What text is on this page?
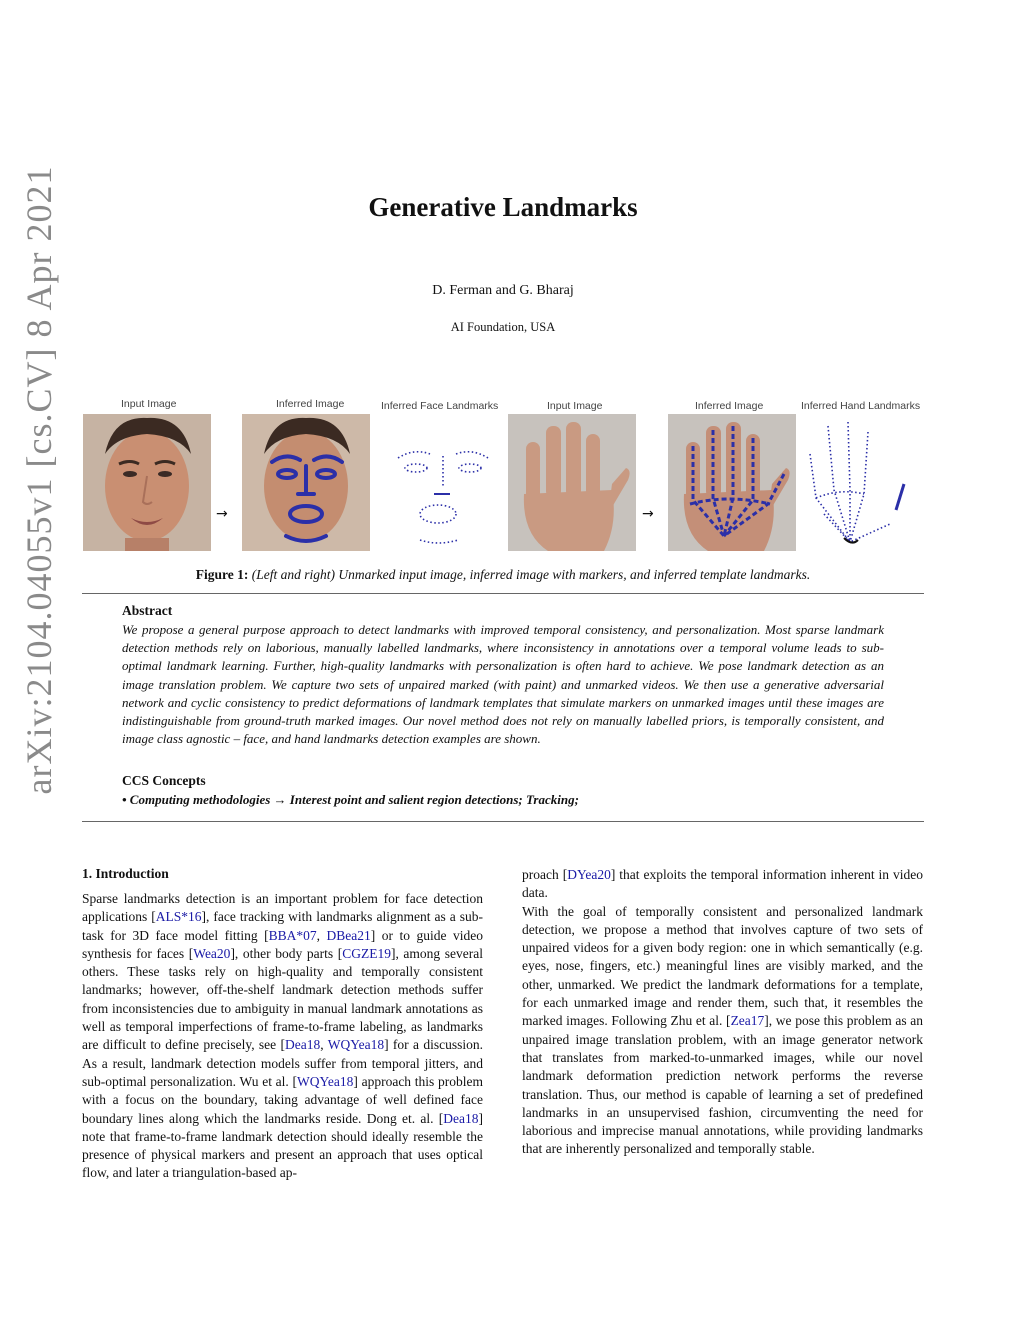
arXiv:2104.04055v1 [cs.CV] 8 Apr 2021	Generative Landmarks
D. Ferman and G. Bharaj
AI Foundation, USA
Input Image	Inferred Image	Inferred Face Landmarks	Input Image	Inferred Image	Inferred Hand Landmarks
→	→
Figure 1: (Left and right) Unmarked input image, inferred image with markers, and inferred template landmarks.
Abstract
We propose a general purpose approach to detect landmarks with improved temporal consistency, and personalization. Most sparse landmark detection methods rely on laborious, manually labelled landmarks, where inconsistency in annotations over a temporal volume leads to sub-optimal landmark learning. Further, high-quality landmarks with personalization is often hard to achieve. We pose landmark detection as an image translation problem. We capture two sets of unpaired marked (with paint) and unmarked videos. We then use a generative adversarial network and cyclic consistency to predict deformations of landmark templates that simulate markers on unmarked images until these images are indistinguishable from ground-truth marked images. Our novel method does not rely on manually labelled priors, is temporally consistent, and image class agnostic – face, and hand landmarks detection examples are shown.
CCS Concepts
• Computing methodologies → Interest point and salient region detections; Tracking;
1. Introduction

Sparse landmarks detection is an important problem for face detection applications [ALS*16], face tracking with landmarks alignment as a sub-task for 3D face model fitting [BBA*07, DBea21] or to guide video synthesis for faces [Wea20], other body parts [CGZE19], among several others. These tasks rely on high-quality and temporally consistent landmarks; however, off-the-shelf landmark detection methods suffer from inconsistencies due to ambiguity in manual landmark annotations as well as temporal imperfections of frame-to-frame labeling, as landmarks are difficult to define precisely, see [Dea18, WQYea18] for a discussion. As a result, landmark detection models suffer from temporal jitters, and sub-optimal personalization. Wu et al. [WQYea18] approach this problem with a focus on the boundary, taking advantage of well defined face boundary lines along which the landmarks reside. Dong et. al. [Dea18] note that frame-to-frame landmark detection should ideally resemble the presence of physical markers and present an approach that uses optical flow, and later a triangulation-based ap-

proach [DYea20] that exploits the temporal information inherent in video data.

With the goal of temporally consistent and personalized landmark detection, we propose a method that involves capture of two sets of unpaired videos for a given body region: one in which semantically (e.g. eyes, nose, fingers, etc.) meaningful lines are visibly marked, and the other, unmarked. We predict the landmark deformations for a template, for each unmarked image and render them, such that, it resembles the marked images. Following Zhu et al. [Zea17], we pose this problem as an unpaired image translation problem, with an image generator network that translates from marked-to-unmarked images, while our novel landmark deformation prediction network performs the reverse translation. Thus, our method is capable of learning a set of predefined landmarks in an unsupervised fashion, circumventing the need for laborious and imprecise manual annotations, while providing landmarks that are inherently personalized and temporally stable.
